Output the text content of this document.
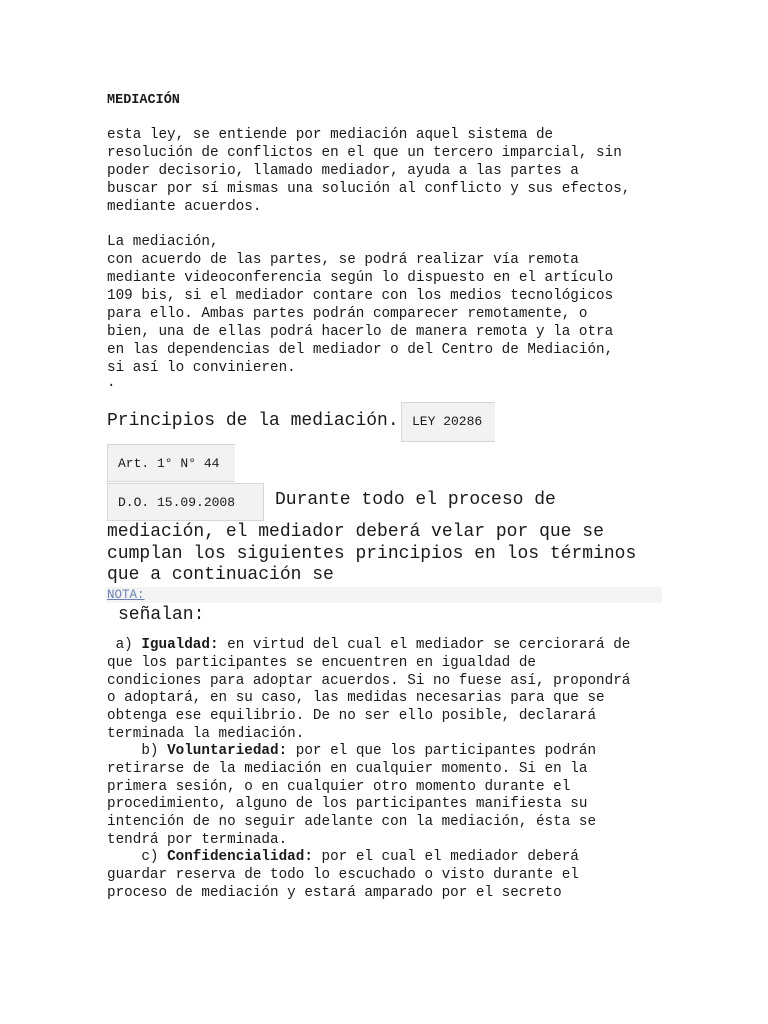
MEDIACIÓN

esta ley, se entiende por mediación aquel sistema de
resolución de conflictos en el que un tercero imparcial, sin
poder decisorio, llamado mediador, ayuda a las partes a
buscar por sí mismas una solución al conflicto y sus efectos,
mediante acuerdos.

La mediación,
con acuerdo de las partes, se podrá realizar vía remota
mediante videoconferencia según lo dispuesto en el artículo
109 bis, si el mediador contare con los medios tecnológicos
para ello. Ambas partes podrán comparecer remotamente, o
bien, una de ellas podrá hacerlo de manera remota y la otra
en las dependencias del mediador o del Centro de Mediación,
si así lo convinieren.

.

Principios de la mediación.	LEY 20286
Art. 1° N° 44
D.O. 15.09.2008	Durante todo el proceso de

mediación, el mediador deberá velar por que se
cumplan los siguientes principios en los términos
que a continuación se

NOTA:

señalan:

a) Igualdad: en virtud del cual el mediador se cerciorará de
que los participantes se encuentren en igualdad de
condiciones para adoptar acuerdos. Si no fuese así, propondrá
o adoptará, en su caso, las medidas necesarias para que se
obtenga ese equilibrio. De no ser ello posible, declarará
terminada la mediación.

b) Voluntariedad: por el que los participantes podrán
retirarse de la mediación en cualquier momento. Si en la
primera sesión, o en cualquier otro momento durante el
procedimiento, alguno de los participantes manifiesta su
intención de no seguir adelante con la mediación, ésta se
tendrá por terminada.

c) Confidencialidad: por el cual el mediador deberá
guardar reserva de todo lo escuchado o visto durante el
proceso de mediación y estará amparado por el secreto
